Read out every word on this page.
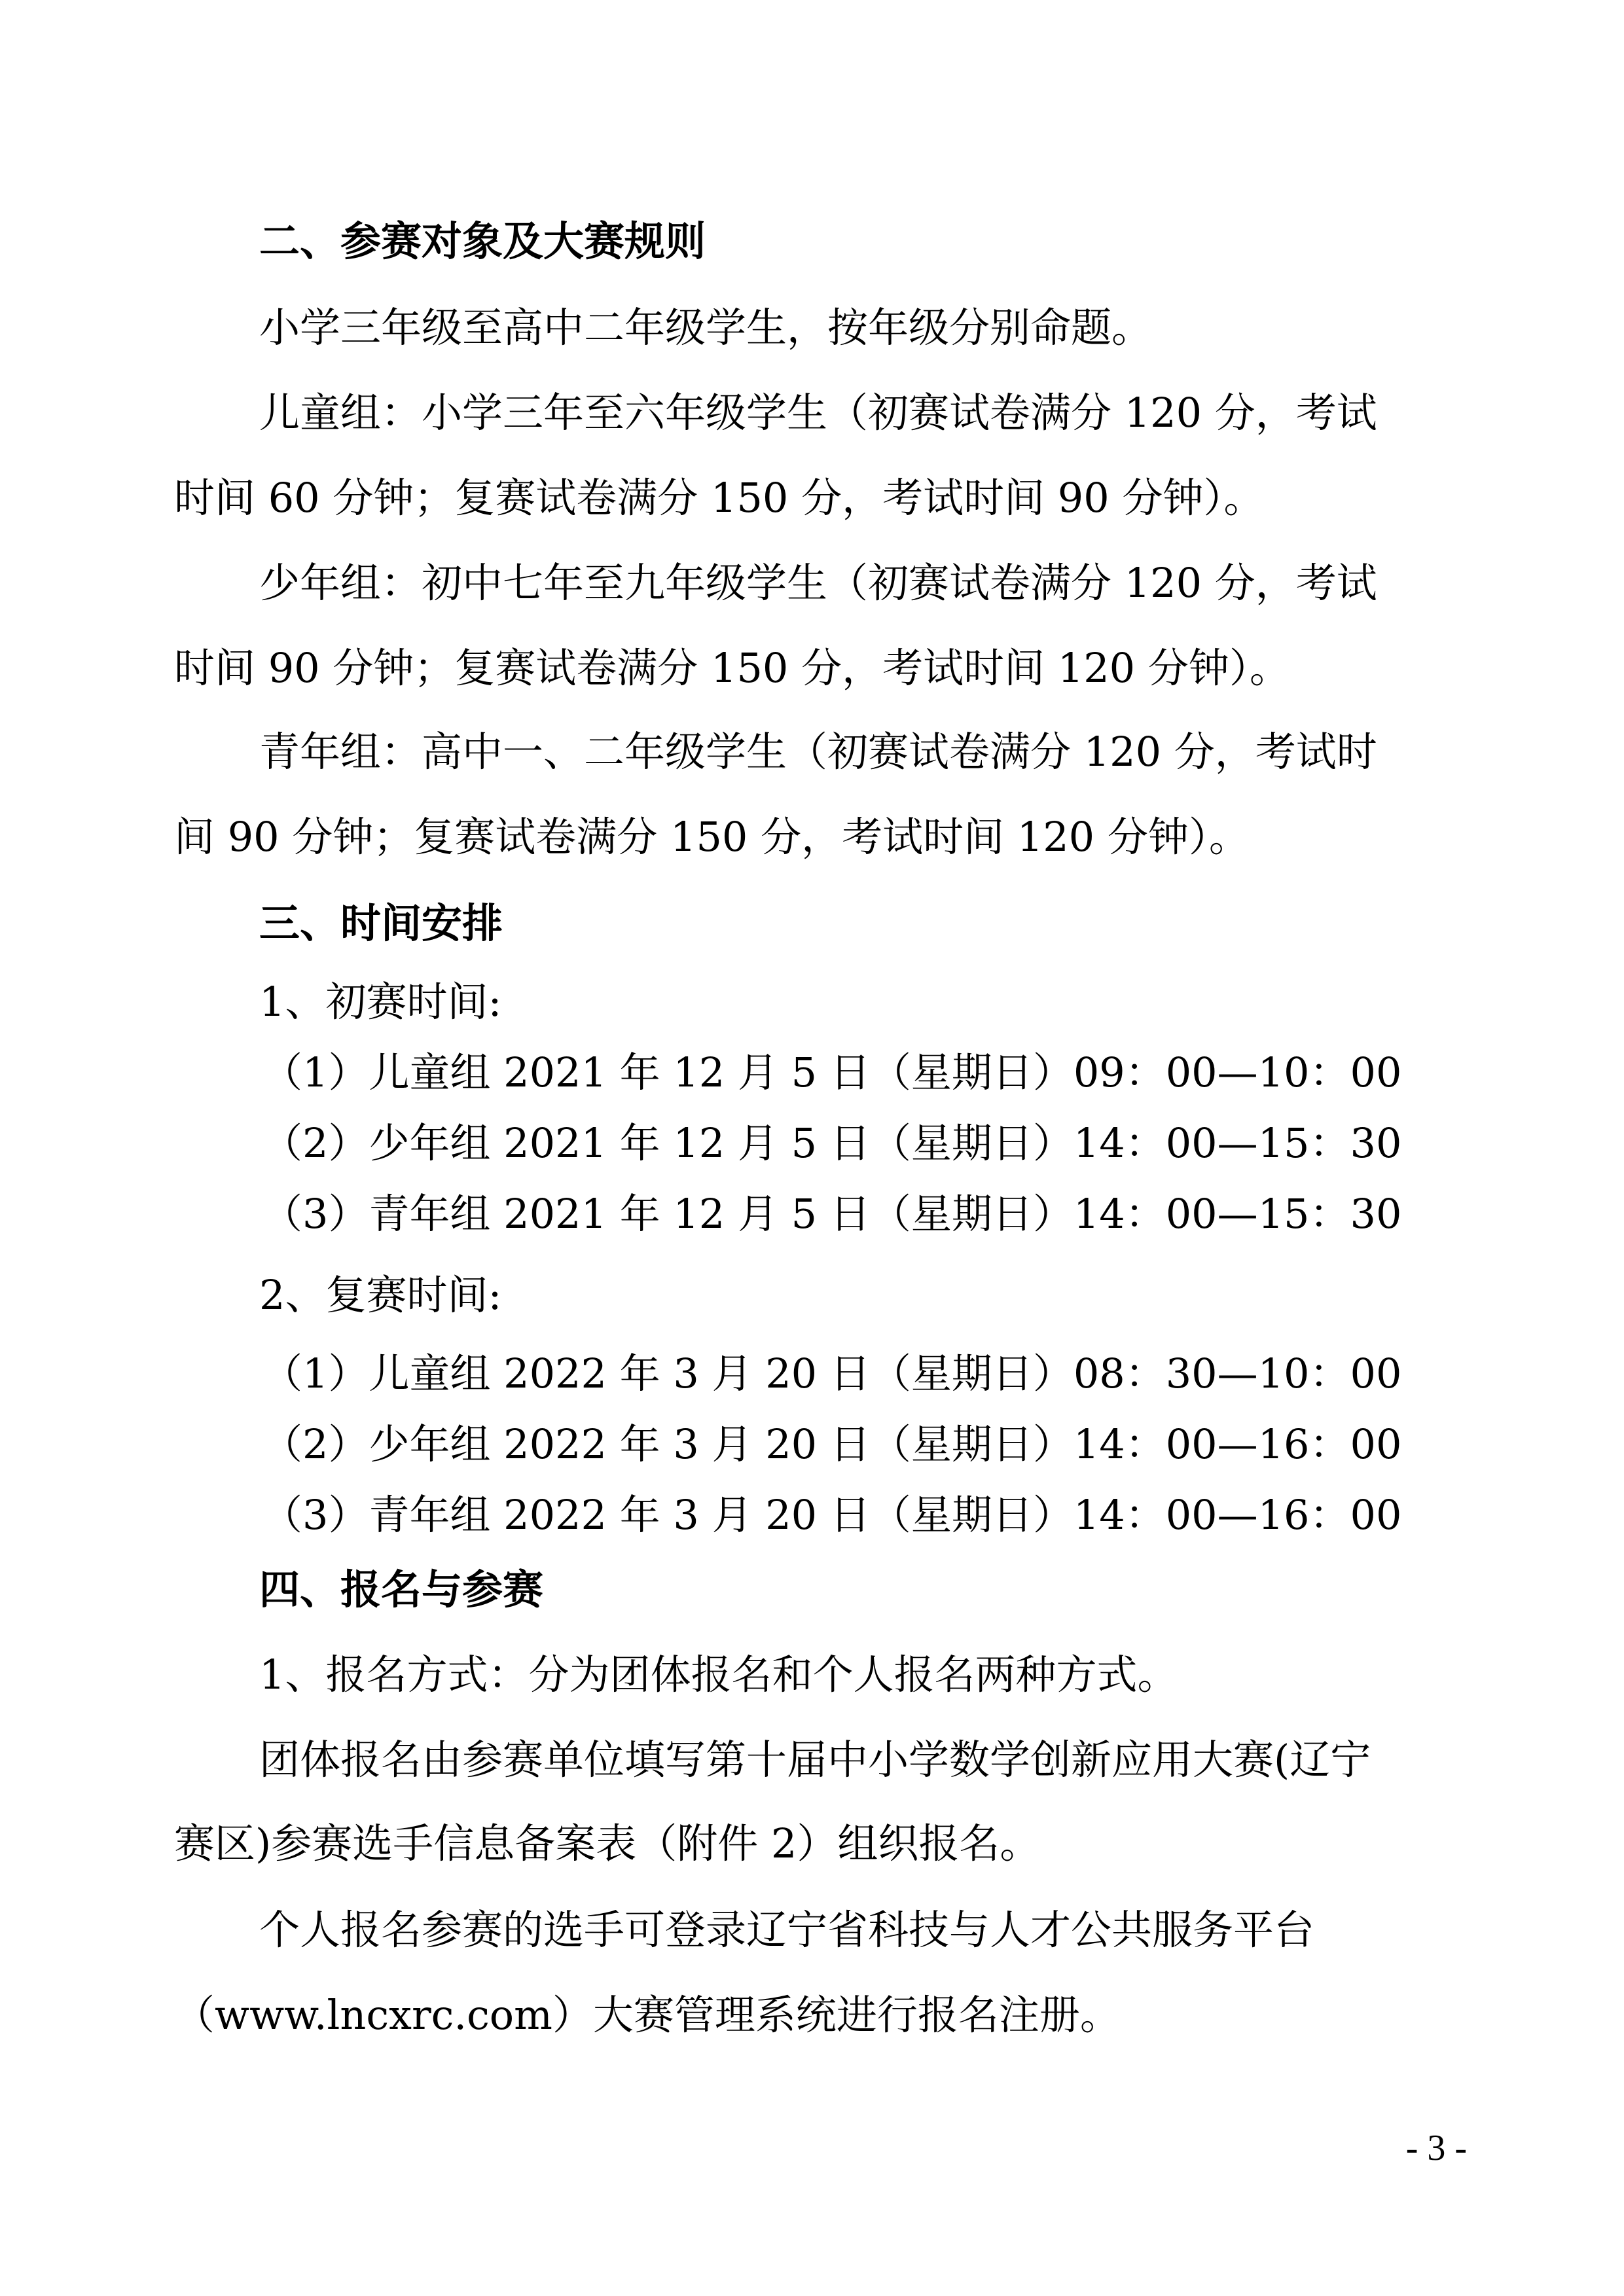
二、参赛对象及大赛规则
小学三年级至高中二年级学生，按年级分别命题。
儿童组：小学三年至六年级学生（初赛试卷满分 120 分，考试
时间 60 分钟；复赛试卷满分 150 分，考试时间 90 分钟）。
少年组：初中七年至九年级学生（初赛试卷满分 120 分，考试
时间 90 分钟；复赛试卷满分 150 分，考试时间 120 分钟）。
青年组：高中一、二年级学生（初赛试卷满分 120 分，考试时
间 90 分钟；复赛试卷满分 150 分，考试时间 120 分钟）。
三、时间安排
1、初赛时间:
（1）儿童组 2021 年 12 月 5 日（星期日）09：00—10：00
（2）少年组 2021 年 12 月 5 日（星期日）14：00—15：30
（3）青年组 2021 年 12 月 5 日（星期日）14：00—15：30
2、复赛时间:
（1）儿童组 2022 年 3 月 20 日（星期日）08：30—10：00
（2）少年组 2022 年 3 月 20 日（星期日）14：00—16：00
（3）青年组 2022 年 3 月 20 日（星期日）14：00—16：00
四、报名与参赛
1、报名方式：分为团体报名和个人报名两种方式。
团体报名由参赛单位填写第十届中小学数学创新应用大赛(辽宁
赛区)参赛选手信息备案表（附件 2）组织报名。
个人报名参赛的选手可登录辽宁省科技与人才公共服务平台
（www.lncxrc.com）大赛管理系统进行报名注册。
- 3 -
